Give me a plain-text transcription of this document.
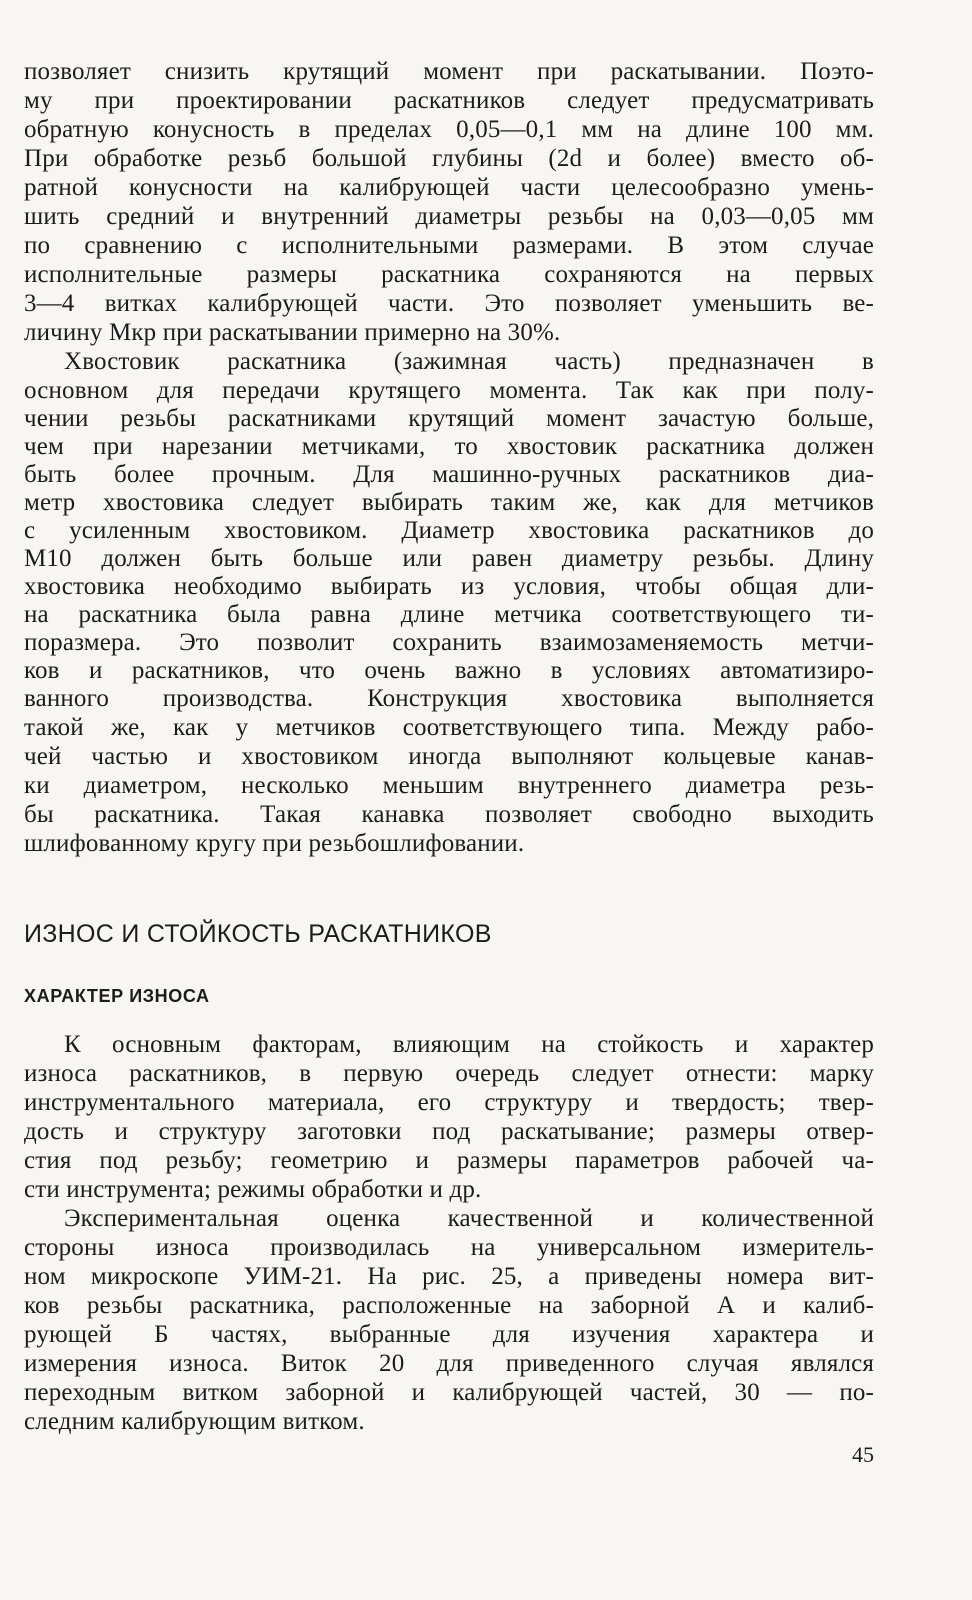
позволяет снизить крутящий момент при раскатывании. Поэто-
му при проектировании раскатников следует предусматривать
обратную конусность в пределах 0,05—0,1 мм на длине 100 мм.
При обработке резьб большой глубины (2d и более) вместо об-
ратной конусности на калибрующей части целесообразно умень-
шить средний и внутренний диаметры резьбы на 0,03—0,05 мм
по сравнению с исполнительными размерами. В этом случае
исполнительные размеры раскатника сохраняются на первых
3—4 витках калибрующей части. Это позволяет уменьшить ве-
личину Mкр при раскатывании примерно на 30%.
Хвостовик раскатника (зажимная часть) предназначен в
основном для передачи крутящего момента. Так как при полу-
чении резьбы раскатниками крутящий момент зачастую больше,
чем при нарезании метчиками, то хвостовик раскатника должен
быть более прочным. Для машинно-ручных раскатников диа-
метр хвостовика следует выбирать таким же, как для метчиков
с усиленным хвостовиком. Диаметр хвостовика раскатников до
М10 должен быть больше или равен диаметру резьбы. Длину
хвостовика необходимо выбирать из условия, чтобы общая дли-
на раскатника была равна длине метчика соответствующего ти-
поразмера. Это позволит сохранить взаимозаменяемость метчи-
ков и раскатников, что очень важно в условиях автоматизиро-
ванного производства. Конструкция хвостовика выполняется
такой же, как у метчиков соответствующего типа. Между рабо-
чей частью и хвостовиком иногда выполняют кольцевые канав-
ки диаметром, несколько меньшим внутреннего диаметра резь-
бы раскатника. Такая канавка позволяет свободно выходить
шлифованному кругу при резьбошлифовании.
ИЗНОС И СТОЙКОСТЬ РАСКАТНИКОВ
ХАРАКТЕР ИЗНОСА
К основным факторам, влияющим на стойкость и характер
износа раскатников, в первую очередь следует отнести: марку
инструментального материала, его структуру и твердость; твер-
дость и структуру заготовки под раскатывание; размеры отвер-
стия под резьбу; геометрию и размеры параметров рабочей ча-
сти инструмента; режимы обработки и др.
Экспериментальная оценка качественной и количественной
стороны износа производилась на универсальном измеритель-
ном микроскопе УИМ-21. На рис. 25, а приведены номера вит-
ков резьбы раскатника, расположенные на заборной А и калиб-
рующей Б частях, выбранные для изучения характера и
измерения износа. Виток 20 для приведенного случая являлся
переходным витком заборной и калибрующей частей, 30 — по-
следним калибрующим витком.
45
